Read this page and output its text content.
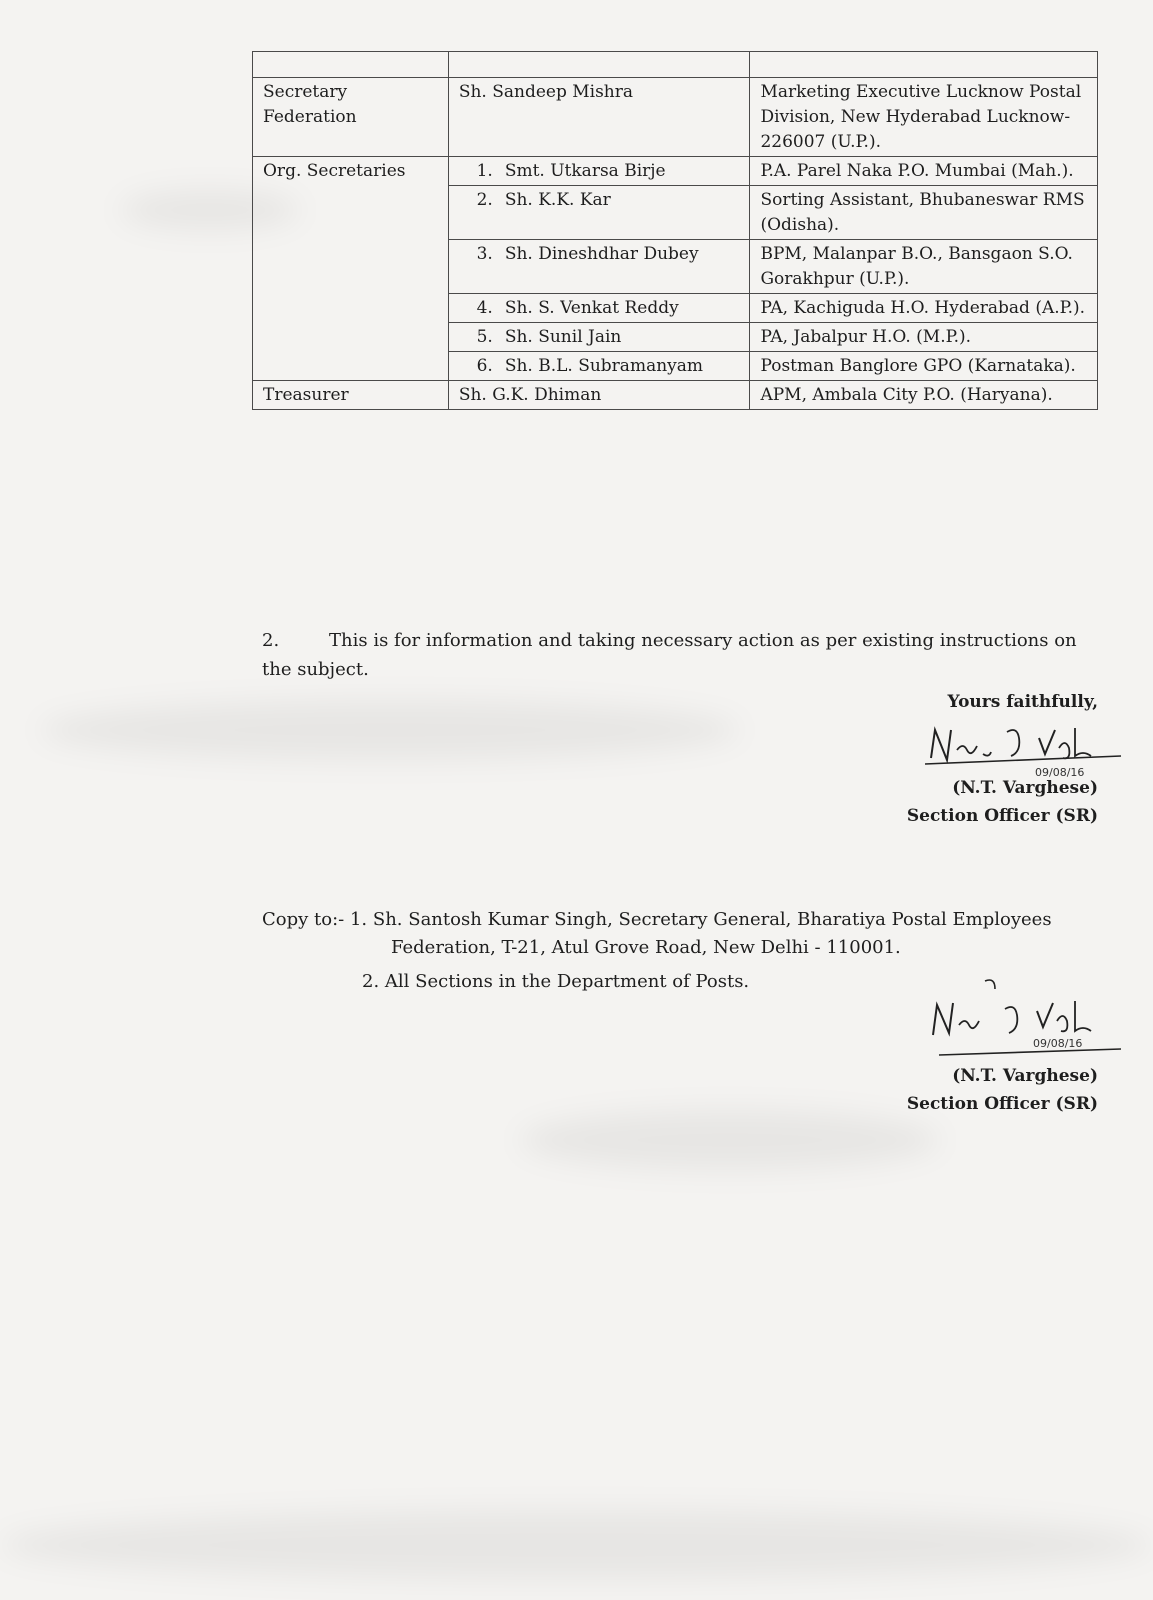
Secretary Federation	Sh. Sandeep Mishra	Marketing Executive Lucknow Postal Division, New Hyderabad Lucknow-226007 (U.P.).
Org. Secretaries	1. Smt. Utkarsa Birje	P.A. Parel Naka P.O. Mumbai (Mah.).
	2. Sh. K.K. Kar	Sorting Assistant, Bhubaneswar RMS (Odisha).
	3. Sh. Dineshdhar Dubey	BPM, Malanpar B.O., Bansgaon S.O. Gorakhpur (U.P.).
	4. Sh. S. Venkat Reddy	PA, Kachiguda H.O. Hyderabad (A.P.).
	5. Sh. Sunil Jain	PA, Jabalpur H.O. (M.P.).
	6. Sh. B.L. Subramanyam	Postman Banglore GPO (Karnataka).
Treasurer	Sh. G.K. Dhiman	APM, Ambala City P.O. (Haryana).
2.	This is for information and taking necessary action as per existing instructions on the subject.
Yours faithfully,
09/08/16
(N.T. Varghese)
Section Officer (SR)
Copy to:- 1. Sh. Santosh Kumar Singh, Secretary General, Bharatiya Postal Employees
Federation, T-21, Atul Grove Road, New Delhi - 110001.
2. All Sections in the Department of Posts.
09/08/16
(N.T. Varghese)
Section Officer (SR)
